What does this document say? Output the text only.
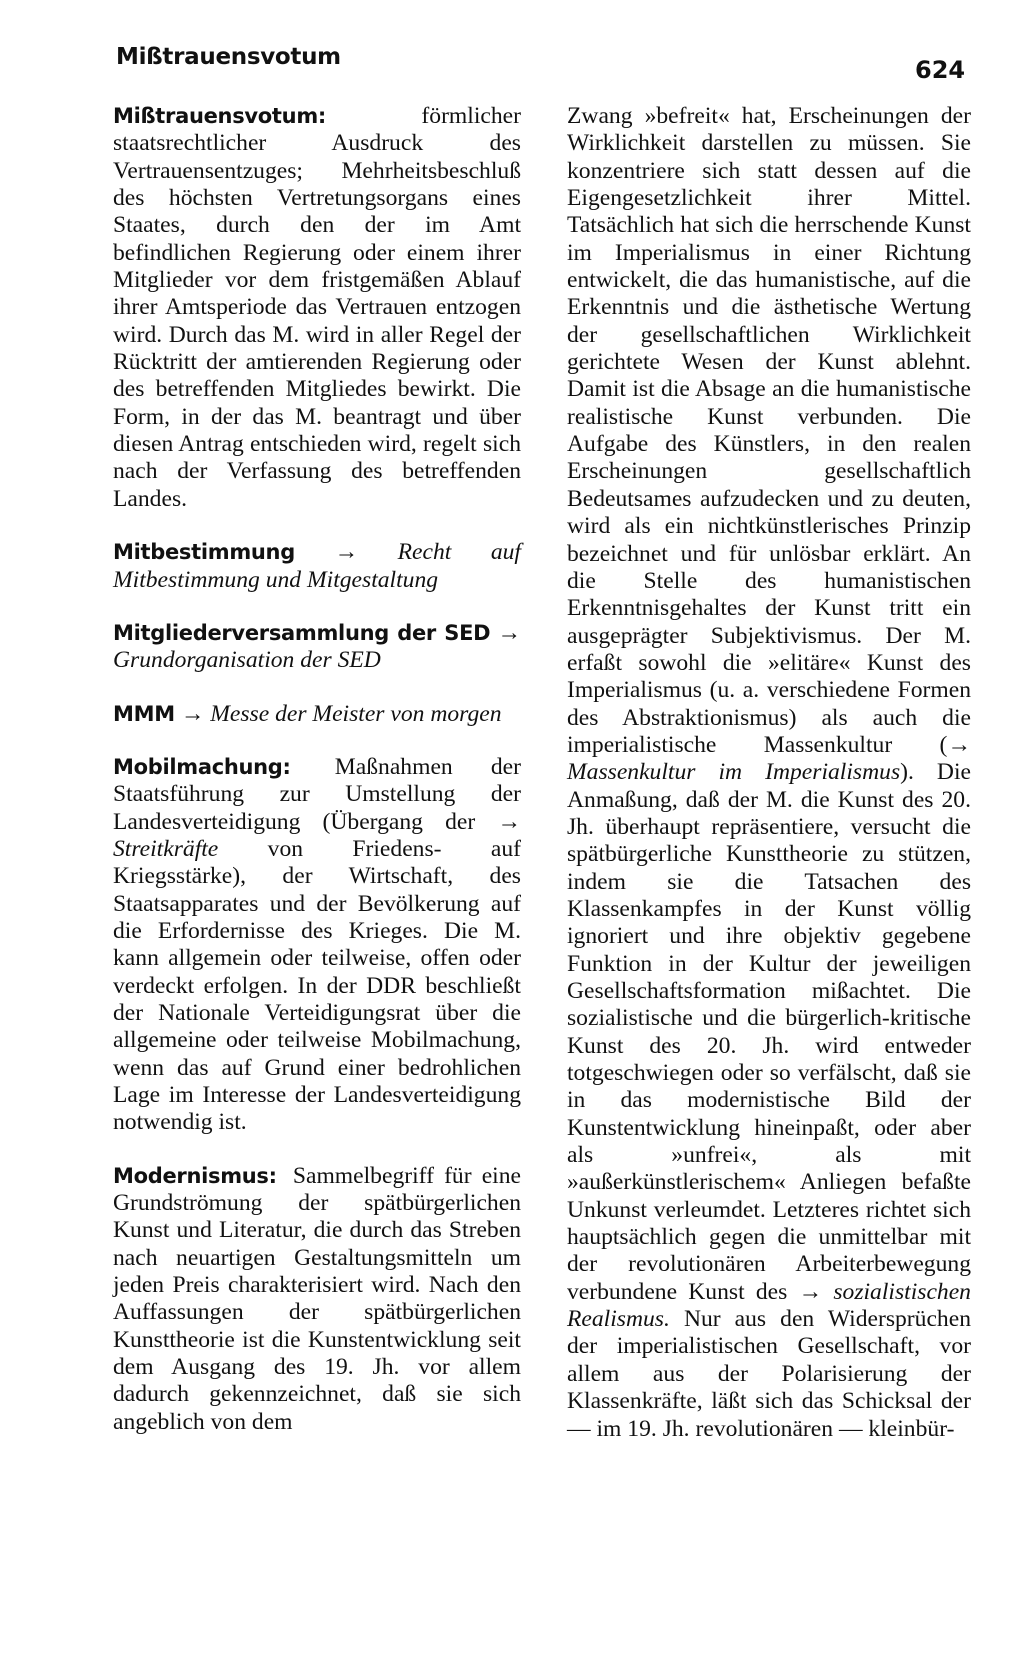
Mißtrauensvotum	624

Mißtrauensvotum:	förmlicher staatsrechtlicher Ausdruck des Vertrauensentzuges; Mehrheitsbeschluß des höchsten Vertretungsorgans eines Staates, durch den der im Amt befindlichen Regierung oder einem ihrer Mitglieder vor dem fristgemäßen Ablauf ihrer Amtsperiode das Vertrauen entzogen wird. Durch das M. wird in aller Regel der Rücktritt der amtierenden Regierung oder des betreffenden Mitgliedes bewirkt. Die Form, in der das M. beantragt und über diesen Antrag entschieden wird, regelt sich nach der Verfassung des betreffenden Landes.

Mitbestimmung → Recht auf Mitbestimmung und Mitgestaltung

Mitgliederversammlung der SED → Grundorganisation der SED

MMM → Messe der Meister von morgen

Mobilmachung: Maßnahmen der Staatsführung zur Umstellung der Landesverteidigung (Übergang der → Streitkräfte von Friedens- auf Kriegsstärke), der Wirtschaft, des Staatsapparates und der Bevölkerung auf die Erfordernisse des Krieges. Die M. kann allgemein oder teilweise, offen oder verdeckt erfolgen. In der DDR beschließt der Nationale Verteidigungsrat über die allgemeine oder teilweise Mobilmachung, wenn das auf Grund einer bedrohlichen Lage im Interesse der Landesverteidigung notwendig ist.

Modernismus: Sammelbegriff für eine Grundströmung der spätbürgerlichen Kunst und Literatur, die durch das Streben nach neuartigen Gestaltungsmitteln um jeden Preis charakterisiert wird. Nach den Auffassungen der spätbürgerlichen Kunsttheorie ist die Kunstentwicklung seit dem Ausgang des 19. Jh. vor allem dadurch gekennzeichnet, daß sie sich angeblich von dem

Zwang »befreit« hat, Erscheinungen der Wirklichkeit darstellen zu müssen. Sie konzentriere sich statt dessen auf die Eigengesetzlichkeit ihrer Mittel. Tatsächlich hat sich die herrschende Kunst im Imperialismus in einer Richtung entwickelt, die das humanistische, auf die Erkenntnis und die ästhetische Wertung der gesellschaftlichen Wirklichkeit gerichtete Wesen der Kunst ablehnt. Damit ist die Absage an die humanistische realistische Kunst verbunden. Die Aufgabe des Künstlers, in den realen Erscheinungen gesellschaftlich Bedeutsames aufzudecken und zu deuten, wird als ein nichtkünstlerisches Prinzip bezeichnet und für unlösbar erklärt. An die Stelle des humanistischen Erkenntnisgehaltes der Kunst tritt ein ausgeprägter Subjektivismus. Der M. erfaßt sowohl die »elitäre« Kunst des Imperialismus (u. a. verschiedene Formen des Abstraktionismus) als auch die imperialistische Massenkultur (→ Massenkultur im Imperialismus). Die Anmaßung, daß der M. die Kunst des 20. Jh. überhaupt repräsentiere, versucht die spätbürgerliche Kunsttheorie zu stützen, indem sie die Tatsachen des Klassenkampfes in der Kunst völlig ignoriert und ihre objektiv gegebene Funktion in der Kultur der jeweiligen Gesellschaftsformation mißachtet. Die sozialistische und die bürgerlich-kritische Kunst des 20. Jh. wird entweder totgeschwiegen oder so verfälscht, daß sie in das modernistische Bild der Kunstentwicklung hineinpaßt, oder aber als »unfrei«, als mit »außerkünstlerischem« Anliegen befaßte Unkunst verleumdet. Letzteres richtet sich hauptsächlich gegen die unmittelbar mit der revolutionären Arbeiterbewegung verbundene Kunst des → sozialistischen Realismus. Nur aus den Widersprüchen der imperialistischen Gesellschaft, vor allem aus der Polarisierung der Klassenkräfte, läßt sich das Schicksal der — im 19. Jh. revolutionären — kleinbür-
